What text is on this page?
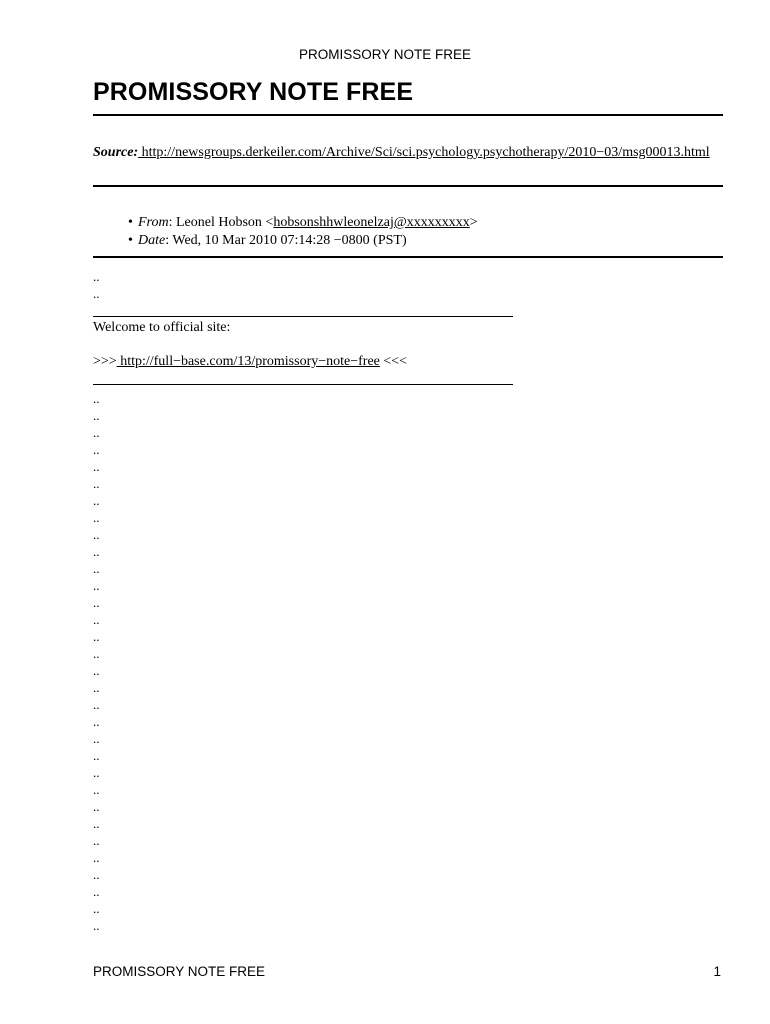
PROMISSORY NOTE FREE
PROMISSORY NOTE FREE
Source: http://newsgroups.derkeiler.com/Archive/Sci/sci.psychology.psychotherapy/2010−03/msg00013.html
• From: Leonel Hobson <hobsonshhwleonelzaj@xxxxxxxxx>
• Date: Wed, 10 Mar 2010 07:14:28 −0800 (PST)
..
..
Welcome to official site:
>>> http://full−base.com/13/promissory−note−free <<<
..
..
..
..
..
..
..
..
..
..
..
..
..
..
..
..
..
..
..
..
..
..
..
..
..
..
..
..
..
..
..
..
PROMISSORY NOTE FREE	1
